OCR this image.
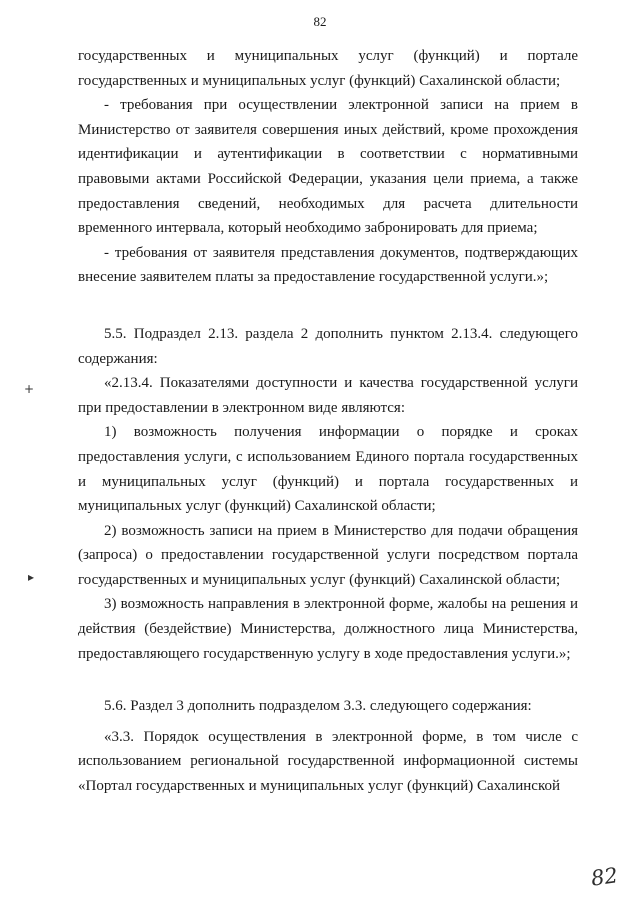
82

государственных и муниципальных услуг (функций) и портале государственных и муниципальных услуг (функций) Сахалинской области;

- требования при осуществлении электронной записи на прием в Министерство от заявителя совершения иных действий, кроме прохождения идентификации и аутентификации в соответствии с нормативными правовыми актами Российской Федерации, указания цели приема, а также предоставления сведений, необходимых для расчета длительности временного интервала, который необходимо забронировать для приема;

- требования от заявителя представления документов, подтверждающих внесение заявителем платы за предоставление государственной услуги.»;

5.5. Подраздел 2.13. раздела 2 дополнить пунктом 2.13.4. следующего содержания:

«2.13.4. Показателями доступности и качества государственной услуги при предоставлении в электронном виде являются:

1) возможность получения информации о порядке и сроках предоставления услуги, с использованием Единого портала государственных и муниципальных услуг (функций) и портала государственных и муниципальных услуг (функций) Сахалинской области;

2) возможность записи на прием в Министерство для подачи обращения (запроса) о предоставлении государственной услуги посредством портала государственных и муниципальных услуг (функций) Сахалинской области;

3) возможность направления в электронной форме, жалобы на решения и действия (бездействие) Министерства, должностного лица Министерства, предоставляющего государственную услугу в ходе предоставления услуги.»;

5.6. Раздел 3 дополнить подразделом 3.3. следующего содержания:

«3.3. Порядок осуществления в электронной форме, в том числе с использованием региональной государственной информационной системы «Портал государственных и муниципальных услуг (функций) Сахалинской

+
▸
82
